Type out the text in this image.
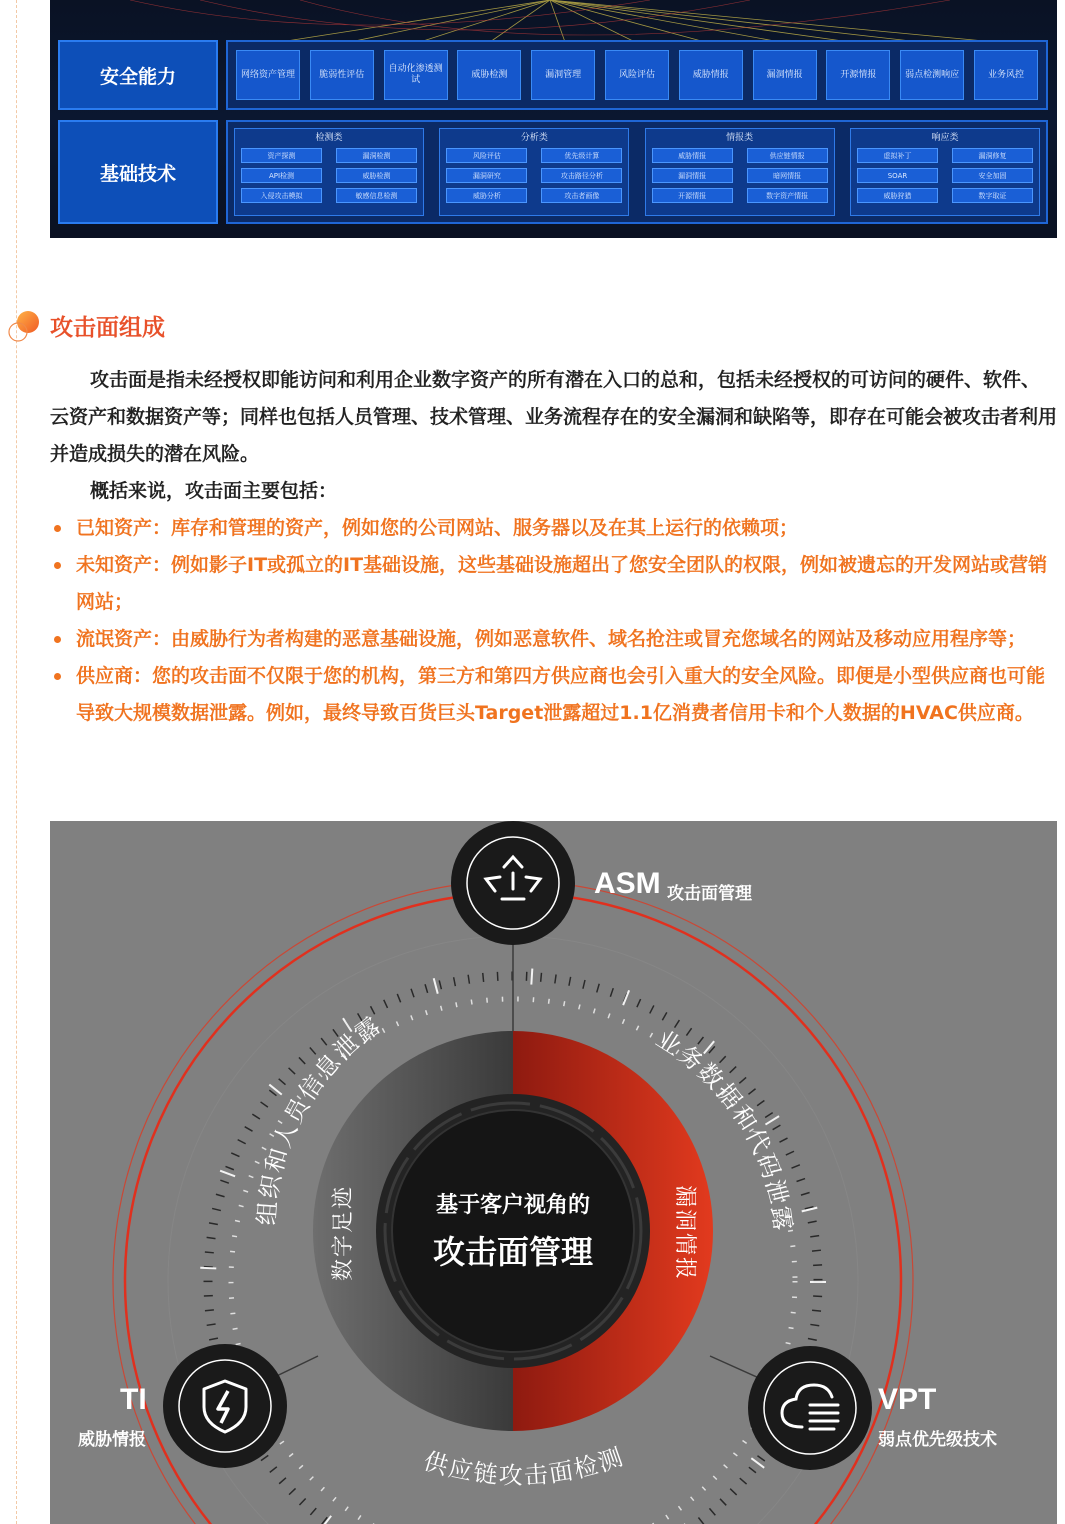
安全能力	网络资产管理	脆弱性评估
自动化渗透测试
威胁检测	漏洞管理	风险评估	威胁情报	漏洞情报	开源情报	弱点检测响应	业务风控
基础技术
检测类
资产探测	漏洞检测
API检测	威胁检测
入侵攻击模拟	敏感信息检测
分析类
风险评估	优先级计算
漏洞研究	攻击路径分析
威胁分析	攻击者画像
情报类
威胁情报	供应链情报
漏洞情报	暗网情报
开源情报	数字资产情报
响应类
虚拟补丁	漏洞修复
SOAR	安全加固
威胁狩猎	数字取证
攻击面组成

攻击面是指未经授权即能访问和利用企业数字资产的所有潜在入口的总和，包括未经授权的可访问的硬件、软件、云资产和数据资产等；同样也包括人员管理、技术管理、业务流程存在的安全漏洞和缺陷等，即存在可能会被攻击者利用并造成损失的潜在风险。

概括来说，攻击面主要包括：

已知资产：库存和管理的资产，例如您的公司网站、服务器以及在其上运行的依赖项；
未知资产：例如影子IT或孤立的IT基础设施，这些基础设施超出了您安全团队的权限，例如被遗忘的开发网站或营销网站；
流氓资产：由威胁行为者构建的恶意基础设施，例如恶意软件、域名抢注或冒充您域名的网站及移动应用程序等；
供应商：您的攻击面不仅限于您的机构，第三方和第四方供应商也会引入重大的安全风险。即便是小型供应商也可能导致大规模数据泄露。例如，最终导致百货巨头Target泄露超过1.1亿消费者信用卡和个人数据的HVAC供应商。
组织和人员信息泄露	业务数据和代码泄露
供应链攻击面检测
数字足迹	漏洞情报
基于客户视角的
攻击面管理
ASM 攻击面管理
TI
威胁情报
VPT
弱点优先级技术
